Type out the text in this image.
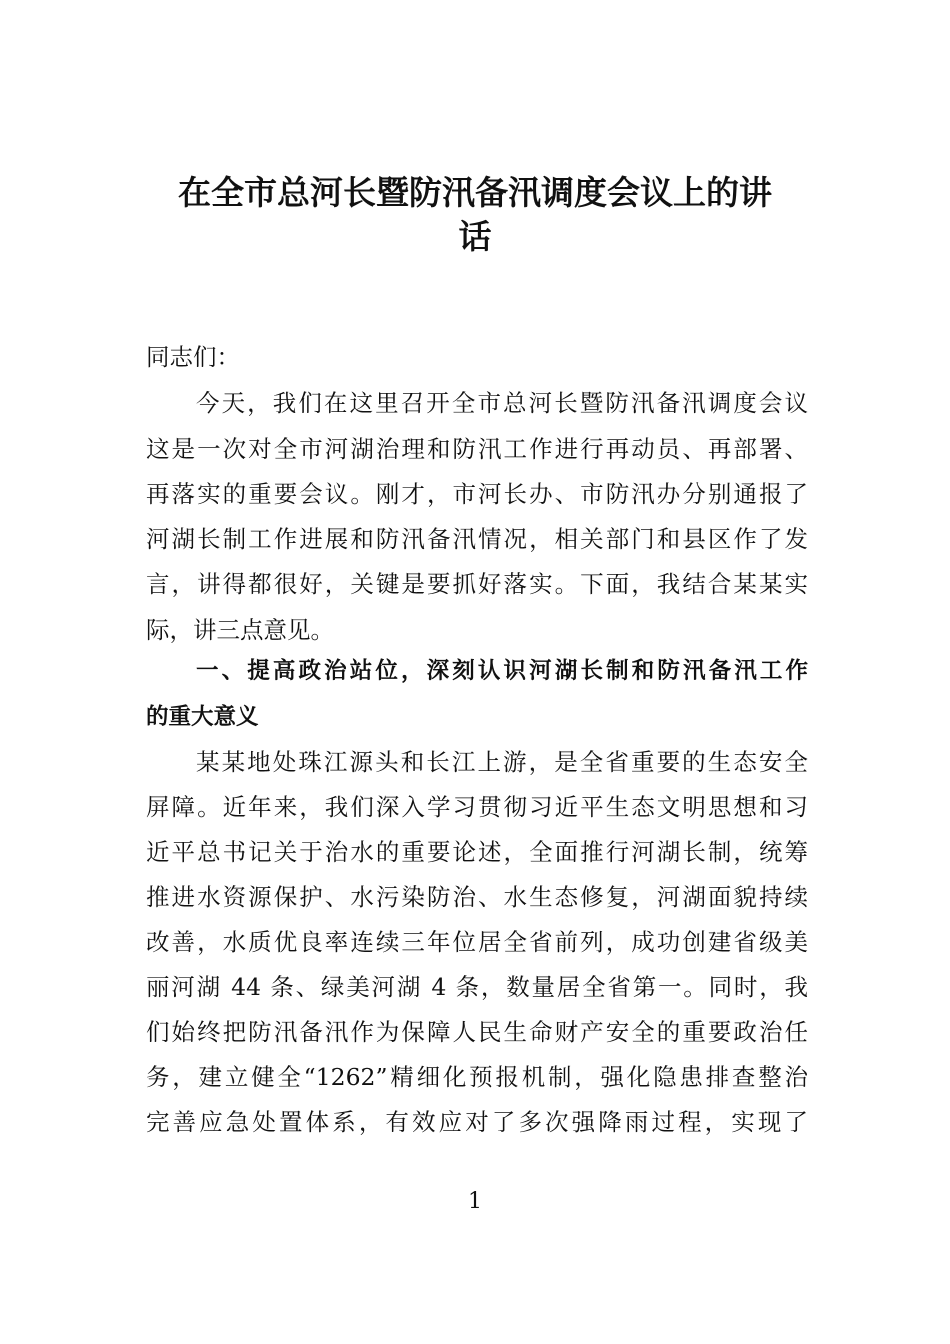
在全市总河长暨防汛备汛调度会议上的讲
话

同志们：

今天，我们在这里召开全市总河长暨防汛备汛调度会议

这是一次对全市河湖治理和防汛工作进行再动员、再部署、

再落实的重要会议。刚才，市河长办、市防汛办分别通报了

河湖长制工作进展和防汛备汛情况，相关部门和县区作了发

言，讲得都很好，关键是要抓好落实。下面，我结合某某实

际，讲三点意见。

一、提高政治站位，深刻认识河湖长制和防汛备汛工作

的重大意义

某某地处珠江源头和长江上游，是全省重要的生态安全

屏障。近年来，我们深入学习贯彻习近平生态文明思想和习

近平总书记关于治水的重要论述，全面推行河湖长制，统筹

推进水资源保护、水污染防治、水生态修复，河湖面貌持续

改善，水质优良率连续三年位居全省前列，成功创建省级美

丽河湖 44 条、绿美河湖 4 条，数量居全省第一。同时，我

们始终把防汛备汛作为保障人民生命财产安全的重要政治任

务，建立健全“1262”精细化预报机制，强化隐患排查整治

完善应急处置体系，有效应对了多次强降雨过程，实现了

1
